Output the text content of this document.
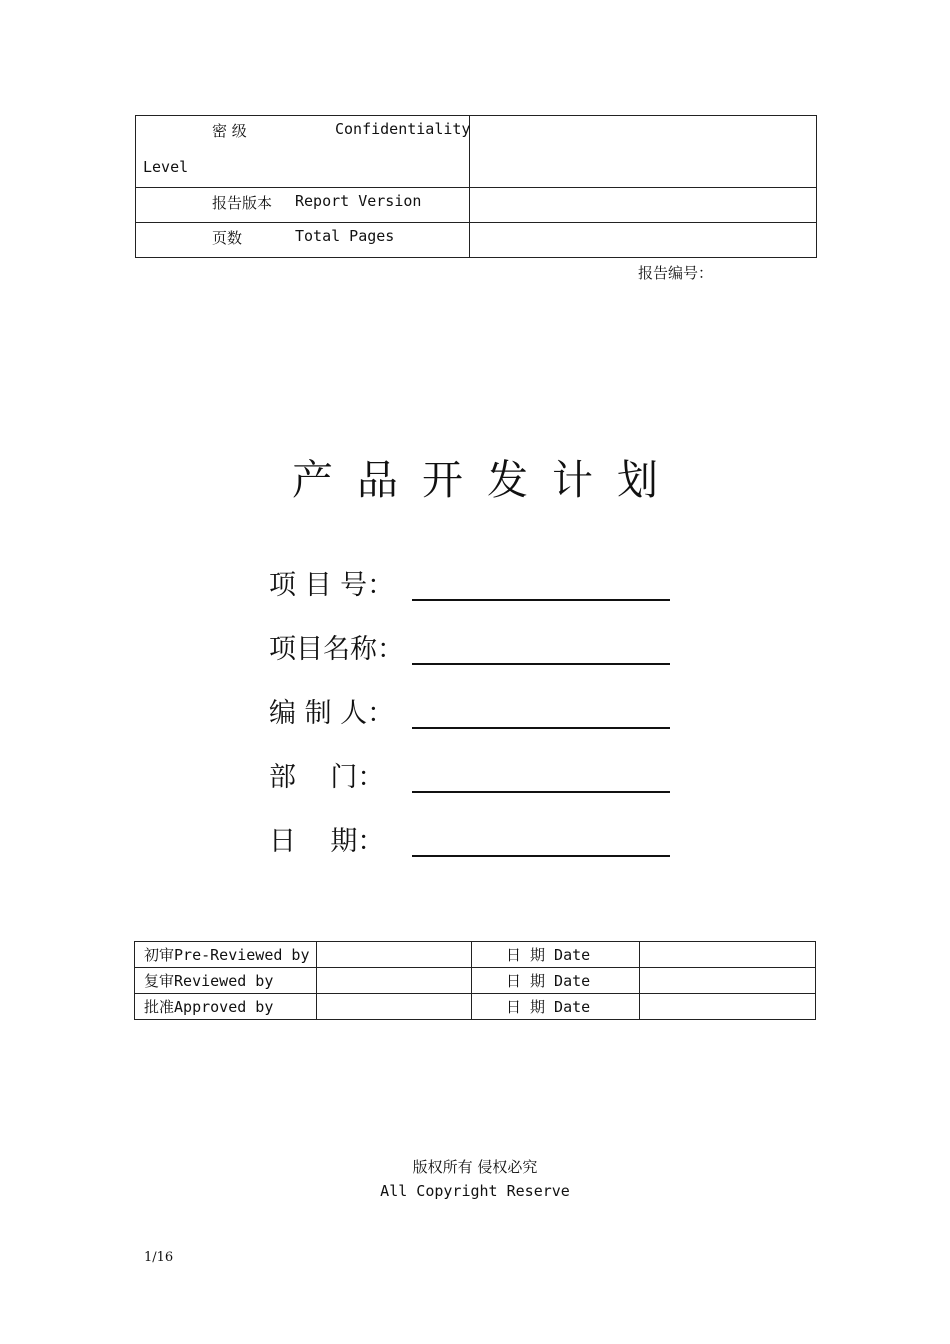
密 级 Confidentiality
Level	

报告版本 Report Version	

页数 Total Pages	

报告编号：
产品开发计划
项 目 号：
项目名称：
编 制 人：
部    门：
日    期：
初审Pre-Reviewed by		日 期 Date	
复审Reviewed by		日 期 Date	
批准Approved by		日 期 Date	
版权所有 侵权必究
All Copyright Reserve
1/16
